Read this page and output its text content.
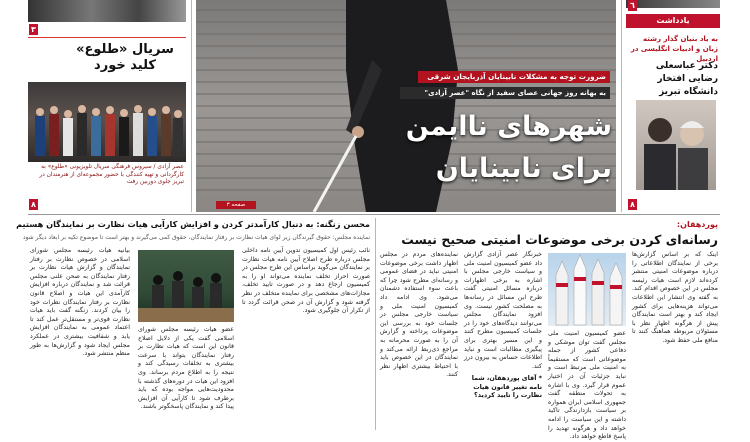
٣
سریال «طلوع» کلید خورد
عصر آزادی / سیروس فرهنگی سریال تلویزیونی «طلوع» به کارگردانی و تهیه کنندگی با حضور مجموعه‌ای از هنرمندان در تبریز جلوی دوربین رفت
٨
ضرورت توجه به مشکلات نابینایان آذربایجان شرقی
به بهانه روز جهانی عصای سفید از نگاه "عصر آزادی"
شهرهای ناایمن
برای نابینایان
صفحه ۳
٦
یادداشت
به یاد بنیان گذار رشته زبان و ادبیات انگلیسی در اردبیل
دکتر عباسعلی رضایی افتخار دانشگاه تبریز
٨
محسن زنگنه: به دنبال کارآمدتر کردن و افزایش کارآیی هیات نظارت بر نمایندگان هستیم
نماینده مجلس: حقوق گیرندگان زیر لوای هیات نظارت بر رفتار نمایندگان، حقوق کمی می‌گیرند و بهتر است تا موضوع تکیه بر ابعاد دیگر شود
بیانیه هیات رئیسه مجلس شورای اسلامی در خصوص نظارت بر رفتار نمایندگان و گزارش هیات نظارت بر رفتار نمایندگان به صحن علنی مجلس قرائت شد و نمایندگان درباره افزایش کارآمدی این هیات و اصلاح قانون نظارت بر رفتار نمایندگان نظرات خود را بیان کردند. زنگنه گفت باید هیات نظارت قوی‌تر و مستقل‌تر عمل کند تا اعتماد عمومی به نمایندگان افزایش یابد و شفافیت بیشتری در عملکرد مجلس ایجاد شود و گزارش‌ها به طور منظم منتشر شود.
عضو هیات رئیسه مجلس شورای اسلامی گفت یکی از دلایل اصلاح قانون این است که هیات نظارت بر رفتار نمایندگان بتواند با سرعت بیشتری به تخلفات رسیدگی کند و نتیجه را به اطلاع مردم برساند. وی افزود این هیات در دوره‌های گذشته با محدودیت‌هایی مواجه بوده که باید برطرف شود تا کارآیی آن افزایش پیدا کند و نمایندگان پاسخگوتر باشند.
نائب رئیس اول کمیسیون تدوین آیین نامه داخلی مجلس درباره طرح اصلاح آیین نامه هیات نظارت بر نمایندگان می‌گوید براساس این طرح مجلس در صورت احراز تخلف نماینده می‌تواند او را به کمیسیون ارجاع دهد و در صورت تایید تخلف، مجازات‌های مشخصی برای نماینده متخلف در نظر گرفته شود و گزارش آن در صحن قرائت گردد تا از تکرار آن جلوگیری شود.
پوردهقان:
رسانه‌ای کردن برخی موضوعات امنیتی صحیح نیست
نماینده‌های مردم در مجلس اظهار داشت برخی موضوعات امنیتی نباید در فضای عمومی و رسانه‌ای مطرح شود چرا که باعث سوء استفاده دشمنان می‌شود. وی ادامه داد کمیسیون امنیت ملی و سیاست خارجی مجلس در جلسات خود به بررسی این موضوعات پرداخته و گزارش آن را به صورت محرمانه به مراجع ذی‌ربط ارائه می‌کند و نمایندگان در این خصوص باید با احتیاط بیشتری اظهار نظر کنند.
خبرنگار عصر آزادی گزارش داد عضو کمیسیون امنیت ملی و سیاست خارجی مجلس با اشاره به برخی اظهارات درباره مسائل امنیتی گفت طرح این مسائل در رسانه‌ها به مصلحت کشور نیست. وی افزود نمایندگان مجلس می‌توانند دیدگاه‌های خود را در جلسات کمیسیون مطرح کنند و این مسیر بهتری برای پیگیری مطالبات است و نباید اطلاعات حساس به بیرون درز کند.
* آقای پوردهقان، شما نامه تغییر قانون هیات نظارت را تایید کردید؟
عضو کمیسیون امنیت ملی مجلس گفت توان موشکی و دفاعی کشور از جمله موضوعاتی است که مستقیماً به امنیت ملی مرتبط است و نباید جزئیات آن در اختیار عموم قرار گیرد. وی با اشاره به تحولات منطقه گفت جمهوری اسلامی ایران همواره بر سیاست بازدارندگی تاکید داشته و این سیاست را ادامه خواهد داد و هرگونه تهدید را پاسخ قاطع خواهد داد.
اینک که بر اساس گزارش‌ها برخی از نمایندگان اطلاعاتی را درباره موضوعات امنیتی منتشر کرده‌اند لازم است هیات رئیسه مجلس در این خصوص اقدام کند. به گفته وی انتشار این اطلاعات می‌تواند هزینه‌هایی برای کشور ایجاد کند و بهتر است نمایندگان پیش از هرگونه اظهار نظر با مسئولان مربوطه هماهنگ کنند تا منافع ملی حفظ شود.
